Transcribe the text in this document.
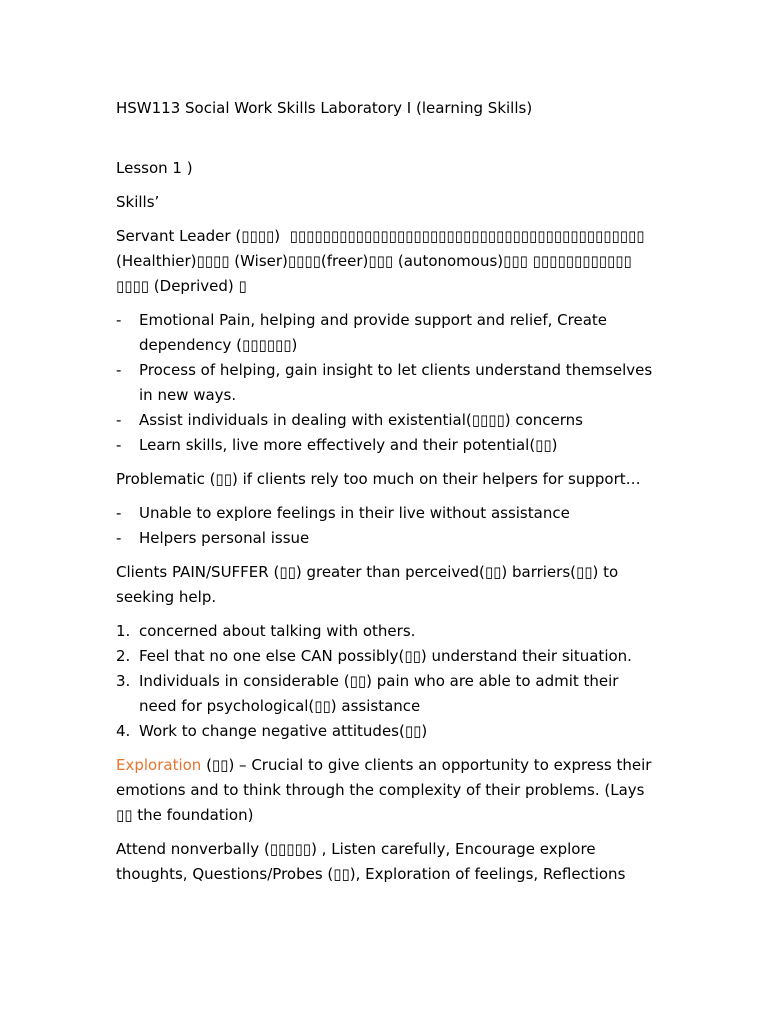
HSW113 Social Work Skills Laboratory I (learning Skills)

Lesson 1 )

Skills’

Servant Leader (▯▯▯▯)  ▯▯▯▯▯▯▯▯▯▯▯▯▯▯▯▯▯▯▯▯▯▯▯▯▯▯▯▯▯▯▯▯▯▯▯▯▯▯▯▯▯▯▯ (Healthier)▯▯▯▯ (Wiser)▯▯▯▯(freer)▯▯▯ (autonomous)▯▯▯ ▯▯▯▯▯▯▯▯▯▯▯▯ ▯▯▯▯ (Deprived) ▯

- Emotional Pain, helping and provide support and relief, Create dependency (▯▯▯▯▯▯)
- Process of helping, gain insight to let clients understand themselves in new ways.
- Assist individuals in dealing with existential(▯▯▯▯) concerns
- Learn skills, live more effectively and their potential(▯▯)

Problematic (▯▯) if clients rely too much on their helpers for support…

- Unable to explore feelings in their live without assistance
- Helpers personal issue

Clients PAIN/SUFFER (▯▯) greater than perceived(▯▯) barriers(▯▯) to seeking help.

1. concerned about talking with others.
2. Feel that no one else CAN possibly(▯▯) understand their situation.
3. Individuals in considerable (▯▯) pain who are able to admit their need for psychological(▯▯) assistance
4. Work to change negative attitudes(▯▯)

Exploration (▯▯) – Crucial to give clients an opportunity to express their emotions and to think through the complexity of their problems. (Lays ▯▯ the foundation)

Attend nonverbally (▯▯▯▯▯) , Listen carefully, Encourage explore thoughts, Questions/Probes (▯▯), Exploration of feelings, Reflections
